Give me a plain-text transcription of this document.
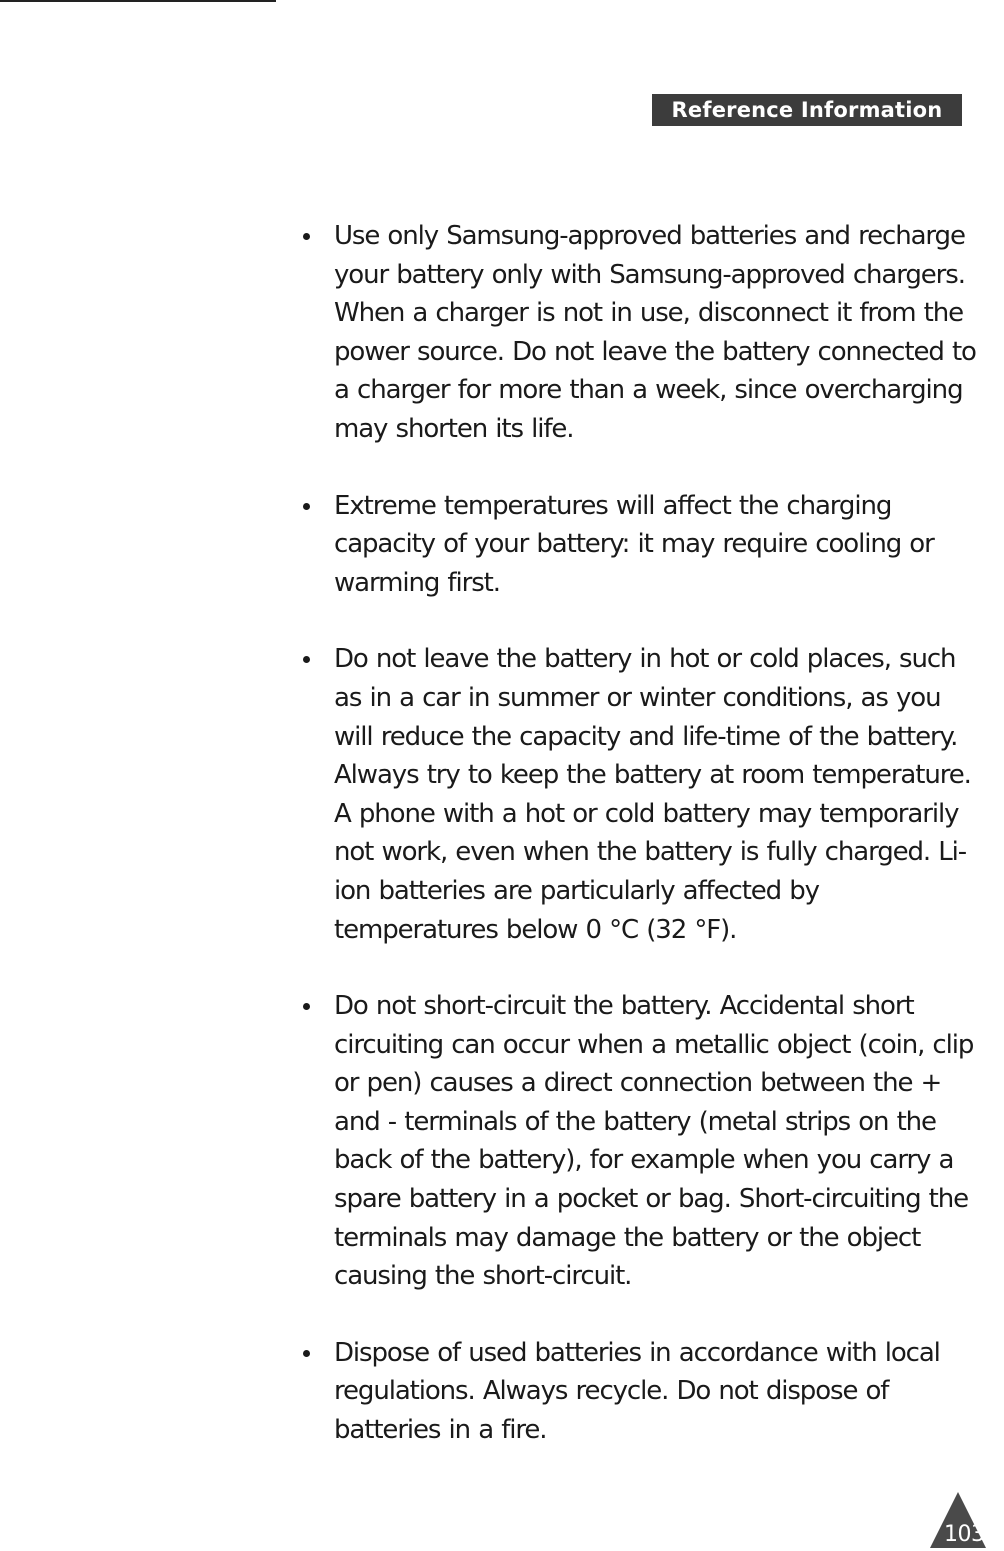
Reference Information
Use only Samsung-approved batteries and recharge your battery only with Samsung-approved chargers. When a charger is not in use, disconnect it from the power source. Do not leave the battery connected to a charger for more than a week, since overcharging may shorten its life.
Extreme temperatures will affect the charging capacity of your battery: it may require cooling or warming first.
Do not leave the battery in hot or cold places, such as in a car in summer or winter conditions, as you will reduce the capacity and life-time of the battery. Always try to keep the battery at room temperature. A phone with a hot or cold battery may temporarily not work, even when the battery is fully charged. Li-ion batteries are particularly affected by temperatures below 0 °C (32 °F).
Do not short-circuit the battery. Accidental short circuiting can occur when a metallic object (coin, clip or pen) causes a direct connection between the + and - terminals of the battery (metal strips on the back of the battery), for example when you carry a spare battery in a pocket or bag. Short-circuiting the terminals may damage the battery or the object causing the short-circuit.
Dispose of used batteries in accordance with local regulations. Always recycle. Do not dispose of batteries in a fire.
103
